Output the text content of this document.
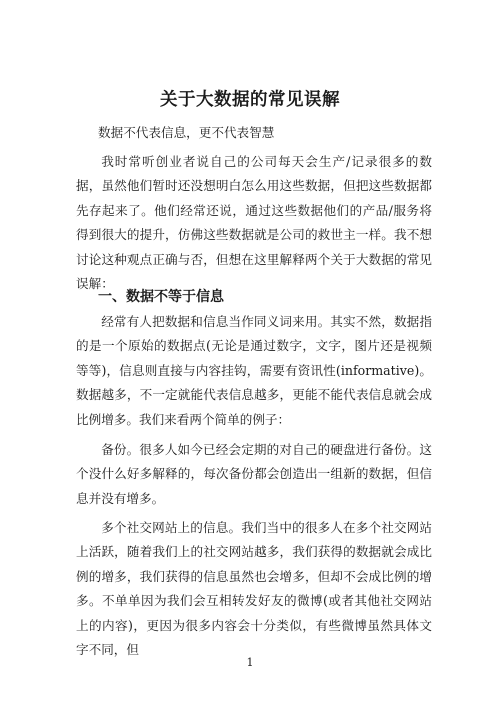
关于大数据的常见误解
数据不代表信息，更不代表智慧

我时常听创业者说自己的公司每天会生产/记录很多的数据，虽然他们暂时还没想明白怎么用这些数据，但把这些数据都先存起来了。他们经常还说，通过这些数据他们的产品/服务将得到很大的提升，仿佛这些数据就是公司的救世主一样。我不想讨论这种观点正确与否，但想在这里解释两个关于大数据的常见误解：

一、数据不等于信息

经常有人把数据和信息当作同义词来用。其实不然，数据指的是一个原始的数据点(无论是通过数字，文字，图片还是视频等等)，信息则直接与内容挂钩，需要有资讯性(informative)。数据越多，不一定就能代表信息越多，更能不能代表信息就会成比例增多。我们来看两个简单的例子：

备份。很多人如今已经会定期的对自己的硬盘进行备份。这个没什么好多解释的，每次备份都会创造出一组新的数据，但信息并没有增多。

多个社交网站上的信息。我们当中的很多人在多个社交网站上活跃，随着我们上的社交网站越多，我们获得的数据就会成比例的增多，我们获得的信息虽然也会增多，但却不会成比例的增多。不单单因为我们会互相转发好友的微博(或者其他社交网站上的内容)，更因为很多内容会十分类似，有些微博虽然具体文字不同，但

1
